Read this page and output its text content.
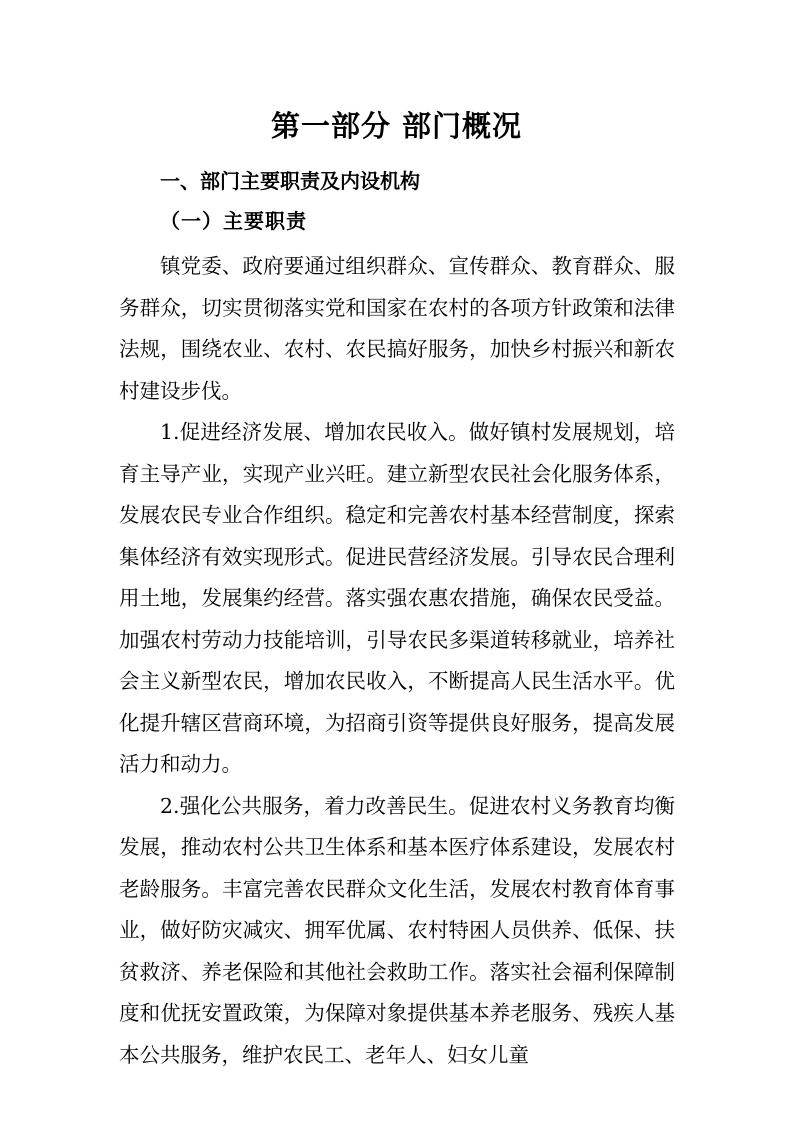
第一部分 部门概况
一、部门主要职责及内设机构
（一）主要职责

镇党委、政府要通过组织群众、宣传群众、教育群众、服务群众，切实贯彻落实党和国家在农村的各项方针政策和法律法规，围绕农业、农村、农民搞好服务，加快乡村振兴和新农村建设步伐。

1.促进经济发展、增加农民收入。做好镇村发展规划，培育主导产业，实现产业兴旺。建立新型农民社会化服务体系，发展农民专业合作组织。稳定和完善农村基本经营制度，探索集体经济有效实现形式。促进民营经济发展。引导农民合理利用土地，发展集约经营。落实强农惠农措施，确保农民受益。加强农村劳动力技能培训，引导农民多渠道转移就业，培养社会主义新型农民，增加农民收入，不断提高人民生活水平。优化提升辖区营商环境，为招商引资等提供良好服务，提高发展活力和动力。

2.强化公共服务，着力改善民生。促进农村义务教育均衡发展，推动农村公共卫生体系和基本医疗体系建设，发展农村老龄服务。丰富完善农民群众文化生活，发展农村教育体育事业，做好防灾减灾、拥军优属、农村特困人员供养、低保、扶贫救济、养老保险和其他社会救助工作。落实社会福利保障制度和优抚安置政策，为保障对象提供基本养老服务、残疾人基本公共服务，维护农民工、老年人、妇女儿童
